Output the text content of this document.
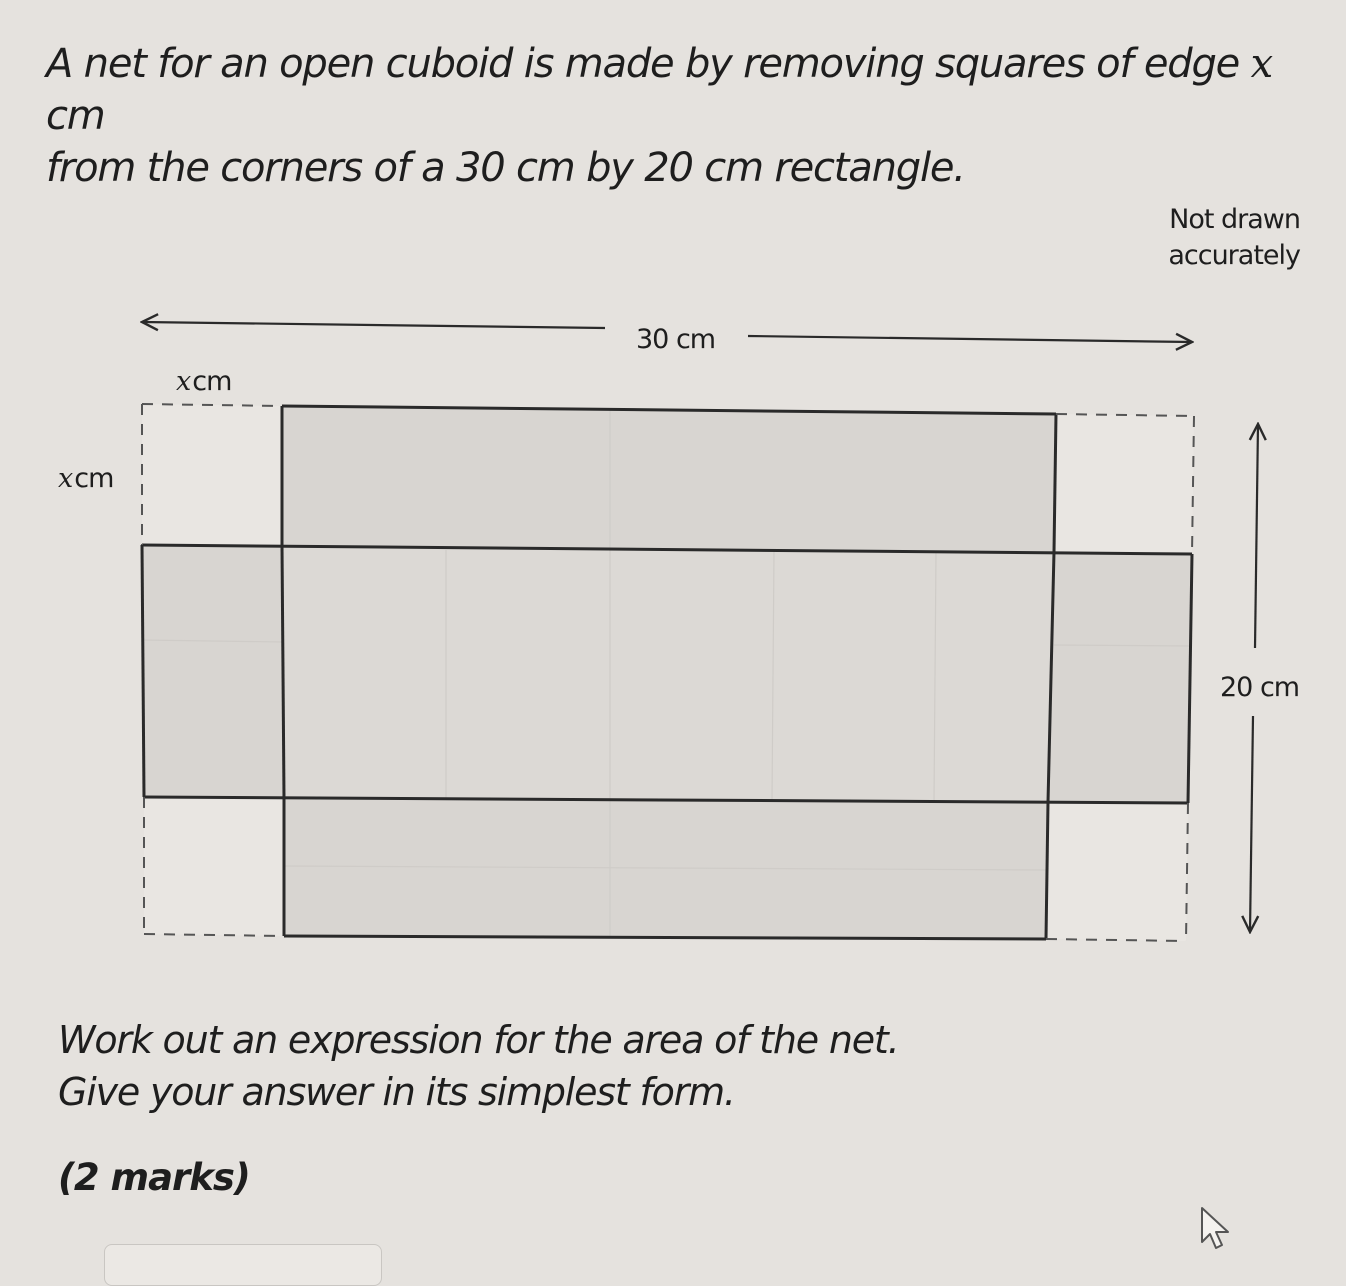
A net for an open cuboid is made by removing squares of edge x cm
from the corners of a 30 cm by 20 cm rectangle.
Not drawn
accurately
30 cm
xcm
xcm
20 cm
Work out an expression for the area of the net.
Give your answer in its simplest form.
(2 marks)
